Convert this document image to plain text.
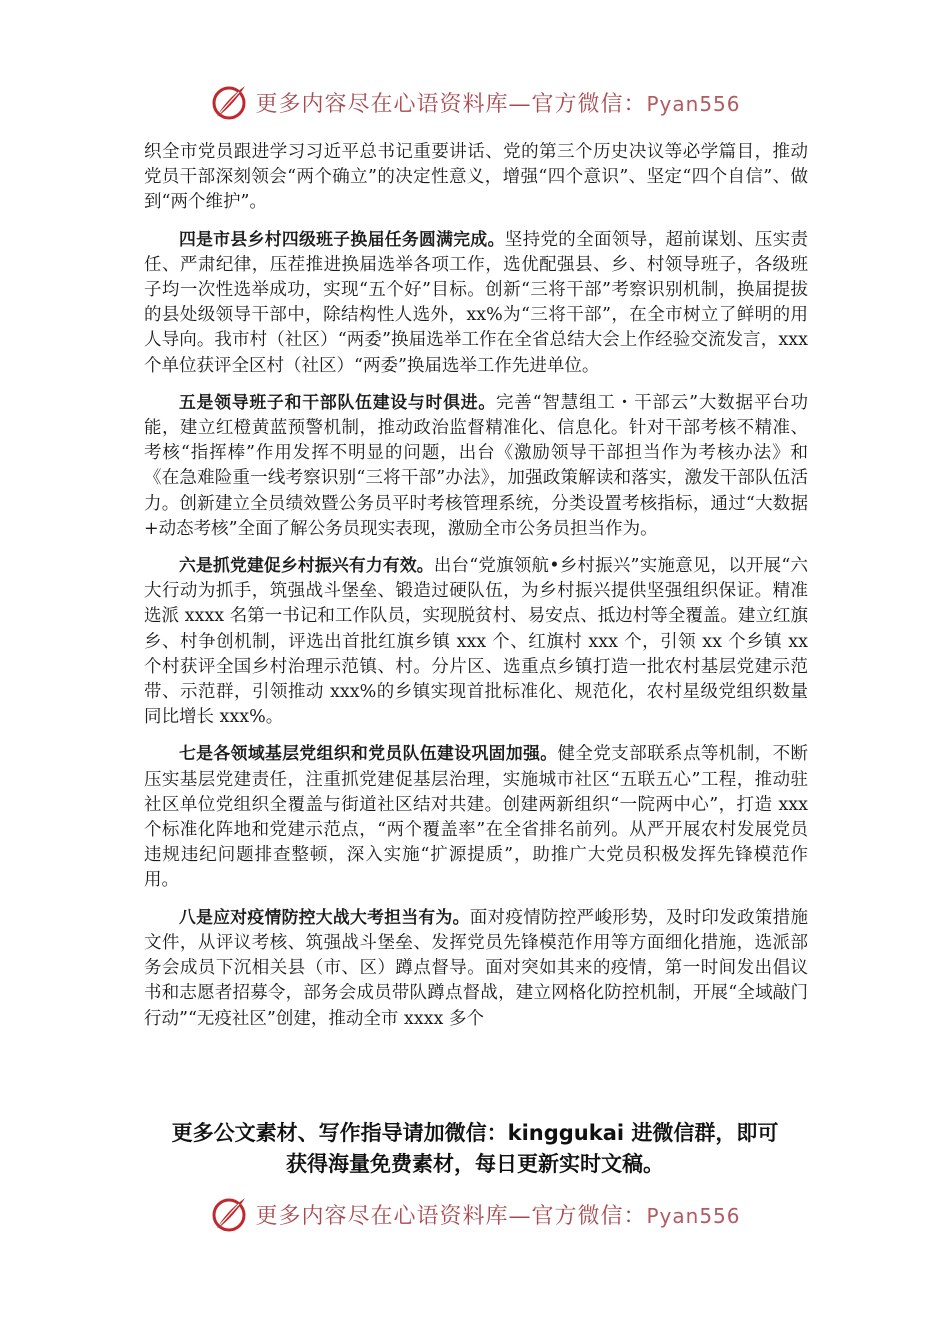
更多内容尽在心语资料库—官方微信：Pyan556

织全市党员跟进学习习近平总书记重要讲话、党的第三个历史决议等必学篇目，推动党员干部深刻领会“两个确立”的决定性意义，增强“四个意识”、坚定“四个自信”、做到“两个维护”。

四是市县乡村四级班子换届任务圆满完成。坚持党的全面领导，超前谋划、压实责任、严肃纪律，压茬推进换届选举各项工作，选优配强县、乡、村领导班子，各级班子均一次性选举成功，实现“五个好”目标。创新“三将干部”考察识别机制，换届提拔的县处级领导干部中，除结构性人选外，xx%为“三将干部”，在全市树立了鲜明的用人导向。我市村（社区）“两委”换届选举工作在全省总结大会上作经验交流发言，xxx 个单位获评全区村（社区）“两委”换届选举工作先进单位。

五是领导班子和干部队伍建设与时俱进。完善“智慧组工・干部云”大数据平台功能，建立红橙黄蓝预警机制，推动政治监督精准化、信息化。针对干部考核不精准、考核“指挥棒”作用发挥不明显的问题，出台《激励领导干部担当作为考核办法》和《在急难险重一线考察识别“三将干部”办法》，加强政策解读和落实，激发干部队伍活力。创新建立全员绩效暨公务员平时考核管理系统，分类设置考核指标，通过“大数据+动态考核”全面了解公务员现实表现，激励全市公务员担当作为。

六是抓党建促乡村振兴有力有效。出台“党旗领航•乡村振兴”实施意见，以开展“六大行动为抓手，筑强战斗堡垒、锻造过硬队伍，为乡村振兴提供坚强组织保证。精准选派 xxxx 名第一书记和工作队员，实现脱贫村、易安点、抵边村等全覆盖。建立红旗乡、村争创机制，评选出首批红旗乡镇 xxx 个、红旗村 xxx 个，引领 xx 个乡镇 xx 个村获评全国乡村治理示范镇、村。分片区、选重点乡镇打造一批农村基层党建示范带、示范群，引领推动 xxx%的乡镇实现首批标准化、规范化，农村星级党组织数量同比增长 xxx%。

七是各领域基层党组织和党员队伍建设巩固加强。健全党支部联系点等机制，不断压实基层党建责任，注重抓党建促基层治理，实施城市社区“五联五心”工程，推动驻社区单位党组织全覆盖与街道社区结对共建。创建两新组织“一院两中心”，打造 xxx 个标准化阵地和党建示范点，“两个覆盖率”在全省排名前列。从严开展农村发展党员违规违纪问题排查整顿，深入实施“扩源提质”，助推广大党员积极发挥先锋模范作用。

八是应对疫情防控大战大考担当有为。面对疫情防控严峻形势，及时印发政策措施文件，从评议考核、筑强战斗堡垒、发挥党员先锋模范作用等方面细化措施，选派部务会成员下沉相关县（市、区）蹲点督导。面对突如其来的疫情，第一时间发出倡议书和志愿者招募令，部务会成员带队蹲点督战，建立网格化防控机制，开展“全域敲门行动”“无疫社区”创建，推动全市 xxxx 多个

更多公文素材、写作指导请加微信：kinggukai 进微信群，即可
获得海量免费素材，每日更新实时文稿。
更多内容尽在心语资料库—官方微信：Pyan556
